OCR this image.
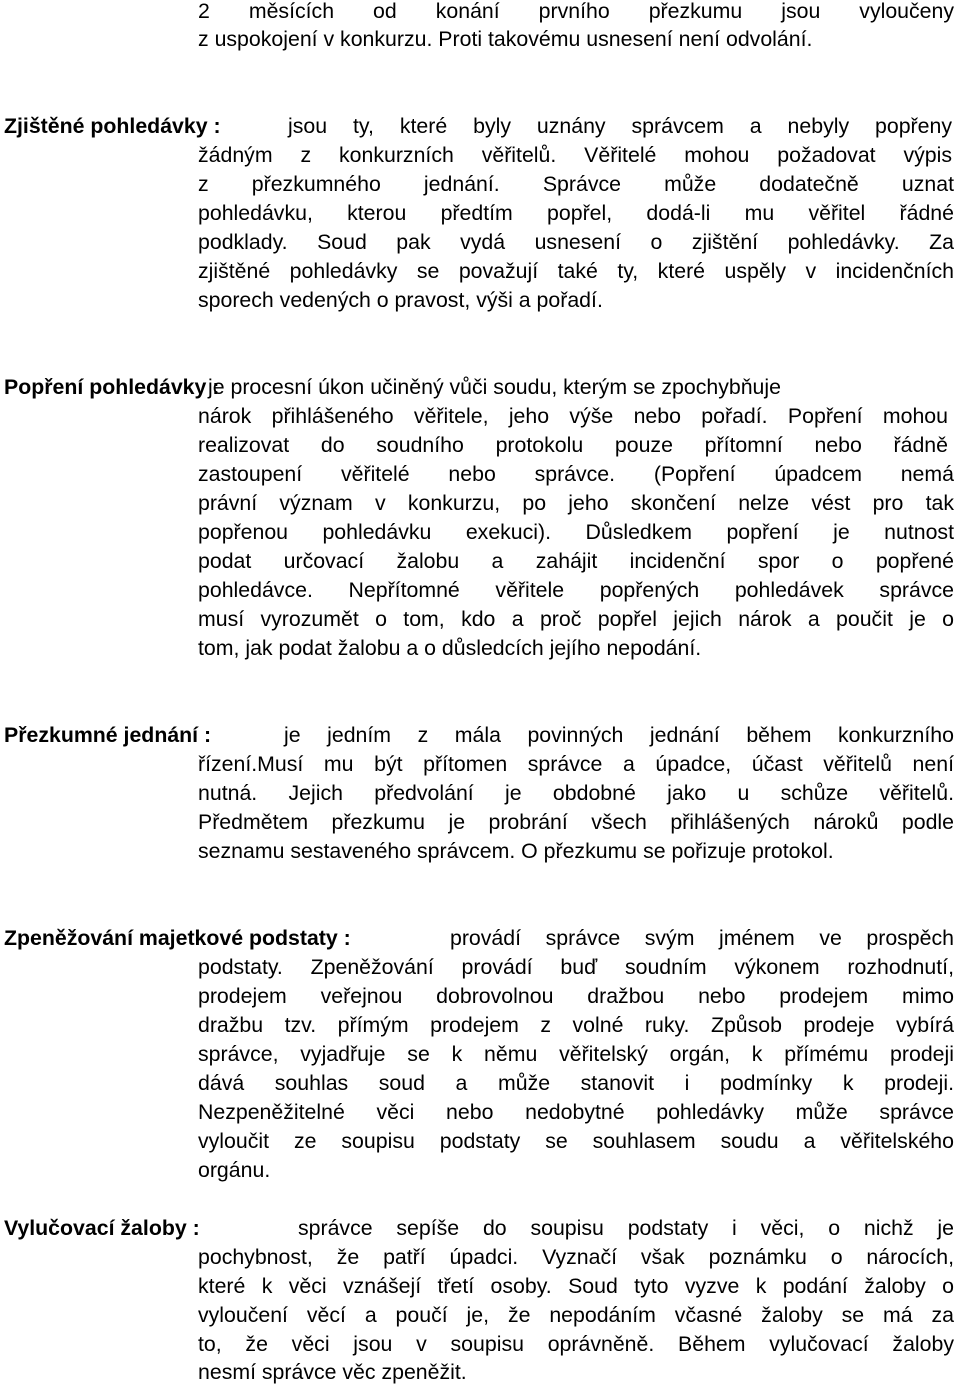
2 měsících od konání prvního přezkumu jsou vyloučeny
z uspokojení v konkurzu. Proti takovému usnesení není odvolání.
Zjištěné pohledávky :	jsou ty, které byly uznány správcem a nebyly popřeny
žádným z konkurzních věřitelů. Věřitelé mohou požadovat výpis
z přezkumného jednání. Správce může dodatečně uznat
pohledávku, kterou předtím popřel, dodá-li mu věřitel řádné
podklady. Soud pak vydá usnesení o zjištění pohledávky. Za
zjištěné pohledávky se považují také ty, které uspěly v incidenčních
sporech vedených o pravost, výši a pořadí.
Popření pohledávky :
je procesní úkon učiněný vůči soudu, kterým se zpochybňuje
nárok přihlášeného věřitele, jeho výše nebo pořadí. Popření mohou
realizovat do soudního protokolu pouze přítomní nebo řádně
zastoupení věřitelé nebo správce. (Popření úpadcem nemá
právní význam v konkurzu, po jeho skončení nelze vést pro tak
popřenou pohledávku exekuci). Důsledkem popření je nutnost
podat určovací žalobu a zahájit incidenční spor o popřené
pohledávce. Nepřítomné věřitele popřených pohledávek správce
musí vyrozumět o tom, kdo a proč popřel jejich nárok a poučit je o
tom, jak podat žalobu a o důsledcích jejího nepodání.
Přezkumné jednání :	je jedním z mála povinných jednání během konkurzního
řízení.Musí mu být přítomen správce a úpadce, účast věřitelů není
nutná. Jejich předvolání je obdobné jako u schůze věřitelů.
Předmětem přezkumu je probrání všech přihlášených nároků podle
seznamu sestaveného správcem. O přezkumu se pořizuje protokol.
Zpeněžování majetkové podstaty :	provádí správce svým jménem ve prospěch
podstaty. Zpeněžování provádí buď soudním výkonem rozhodnutí,
prodejem veřejnou dobrovolnou dražbou nebo prodejem mimo
dražbu tzv. přímým prodejem z volné ruky. Způsob prodeje vybírá
správce, vyjadřuje se k němu věřitelský orgán, k přímému prodeji
dává souhlas soud a může stanovit i podmínky k prodeji.
Nezpeněžitelné věci nebo nedobytné pohledávky může správce
vyloučit ze soupisu podstaty se souhlasem soudu a věřitelského
orgánu.
Vylučovací žaloby :	správce sepíše do soupisu podstaty i věci, o nichž je
pochybnost, že patří úpadci. Vyznačí však poznámku o nárocích,
které k věci vznášejí třetí osoby. Soud tyto vyzve k podání žaloby o
vyloučení věcí a poučí je, že nepodáním včasné žaloby se má za
to, že věci jsou v soupisu oprávněně. Během vylučovací žaloby
nesmí správce věc zpeněžit.
